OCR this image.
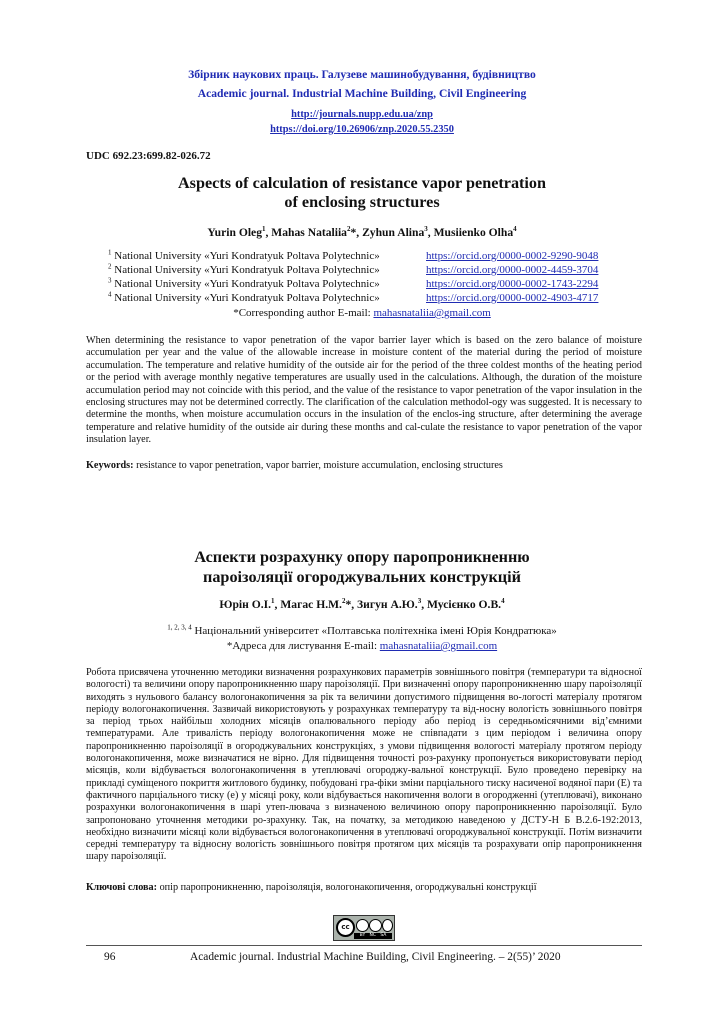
Збірник наукових праць. Галузеве машинобудування, будівництво
Academic journal. Industrial Machine Building, Civil Engineering
http://journals.nupp.edu.ua/znp
https://doi.org/10.26906/znp.2020.55.2350
UDC 692.23:699.82-026.72
Aspects of calculation of resistance vapor penetration
of enclosing structures
Yurin Oleg$^1$, Mahas Nataliia$^2$*, Zyhun Alina$^3$, Musiienko Olha$^4$
$^1$ National University «Yuri Kondratyuk Poltava Polytechnic»	https://orcid.org/0000-0002-9290-9048
$^2$ National University «Yuri Kondratyuk Poltava Polytechnic»	https://orcid.org/0000-0002-4459-3704
$^3$ National University «Yuri Kondratyuk Poltava Polytechnic»	https://orcid.org/0000-0002-1743-2294
$^4$ National University «Yuri Kondratyuk Poltava Polytechnic»	https://orcid.org/0000-0002-4903-4717
*Corresponding author E-mail: mahasnataliia@gmail.com
When determining the resistance to vapor penetration of the vapor barrier layer which is based on the zero balance of moisture accumulation per year and the value of the allowable increase in moisture content of the material during the period of moisture accumulation. The temperature and relative humidity of the outside air for the period of the three coldest months of the heating period or the period with average monthly negative temperatures are usually used in the calculations. Although, the duration of the moisture accumulation period may not coincide with this period, and the value of the resistance to vapor penetration of the vapor insulation in the enclosing structures may not be determined correctly. The clarification of the calculation methodol-ogy was suggested. It is necessary to determine the months, when moisture accumulation occurs in the insulation of the enclos-ing structure, after determining the average temperature and relative humidity of the outside air during these months and cal-culate the resistance to vapor penetration of the vapor insulation layer.
Keywords: resistance to vapor penetration, vapor barrier, moisture accumulation, enclosing structures
Аспекти розрахунку опору паропроникненню
пароізоляції огороджувальних конструкцій
Юрін О.І.$^1$, Магас Н.М.$^2$*, Зигун А.Ю.$^3$, Мусієнко О.В.$^4$
$^{1, 2, 3, 4}$ Національний університет «Полтавська політехніка імені Юрія Кондратюка»
*Адреса для листування E-mail: mahasnataliia@gmail.com
Робота присвячена уточненню методики визначення розрахункових параметрів зовнішнього повітря (температури та відносної вологості) та величини опору паропроникненню шару пароізоляції. При визначенні опору паропроникненню шару пароізоляції виходять з нульового балансу вологонакопичення за рік та величини допустимого підвищення во-логості матеріалу протягом періоду вологонакопичення. Зазвичай використовують у розрахунках температуру та від-носну вологість зовнішнього повітря за період трьох найбільш холодних місяців опалювального періоду або період із середньомісячними від’ємними температурами. Але тривалість періоду вологонакопичення може не співпадати з цим періодом і величина опору паропроникненню пароізоляції в огороджувальних конструкціях, з умови підвищення вологості матеріалу протягом періоду вологонакопичення, може визначатися не вірно. Для підвищення точності роз-рахунку пропонується використовувати період місяців, коли відбувається вологонакопичення в утеплювачі огороджу-вальної конструкції. Було проведено перевірку на прикладі суміщеного покриття житлового будинку, побудовані гра-фіки зміни парціального тиску насиченої водяної пари (E) та фактичного парціального тиску (e) у місяці року, коли відбувається накопичення вологи в огородженні (утеплювачі), виконано розрахунки вологонакопичення в шарі утеп-лювача з визначеною величиною опору паропроникненню пароізоляції. Було запропоновано уточнення методики ро-зрахунку. Так, на початку, за методикою наведеною у ДСТУ-Н Б В.2.6-192:2013, необхідно визначити місяці коли відбувається вологонакопичення в утеплювачі огороджувальної конструкції. Потім визначити середні температуру та відносну вологість зовнішнього повітря протягом цих місяців та розрахувати опір паропроникнення шару пароізоляції.
Ключові слова: опір паропроникненню, пароізоляція, вологонакопичення, огороджувальні конструкції
cc
BY   NC   SA
96	Academic journal. Industrial Machine Building, Civil Engineering. – 2(55)’ 2020
